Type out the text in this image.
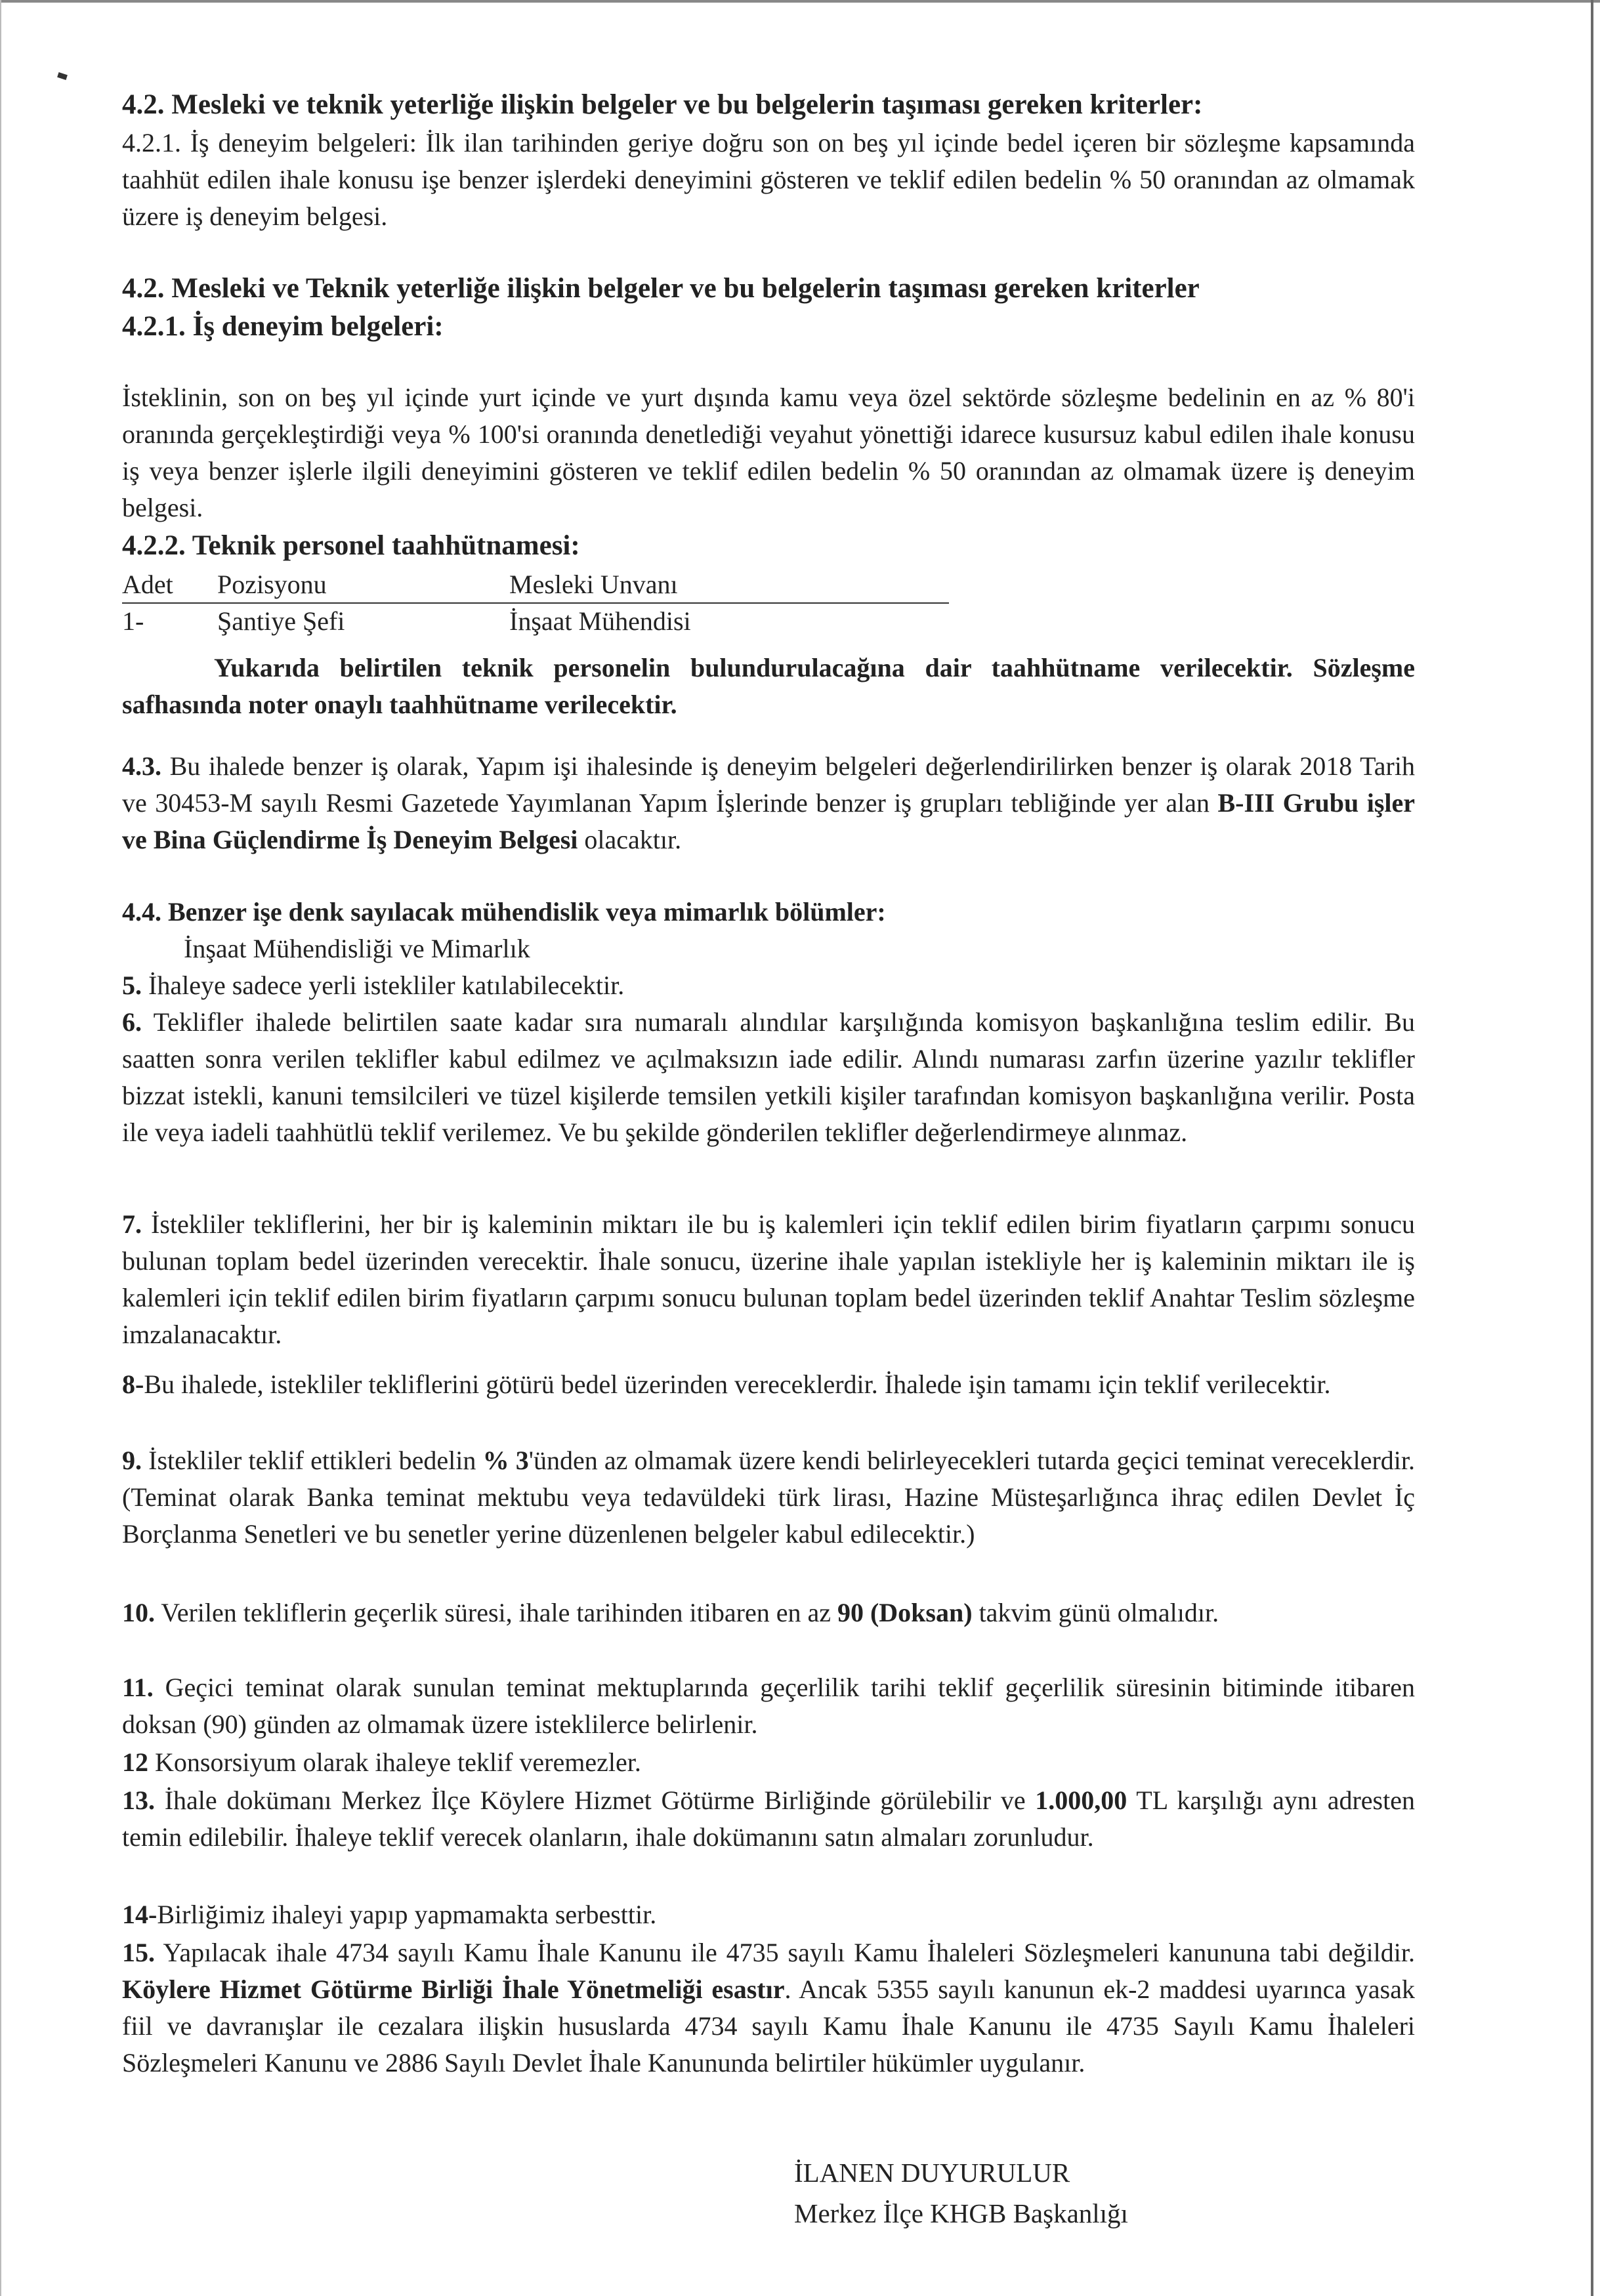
4.2. Mesleki ve teknik yeterliğe ilişkin belgeler ve bu belgelerin taşıması gereken kriterler:

4.2.1. İş deneyim belgeleri: İlk ilan tarihinden geriye doğru son on beş yıl içinde bedel içeren bir sözleşme kapsamında taahhüt edilen ihale konusu işe benzer işlerdeki deneyimini gösteren ve teklif edilen bedelin % 50 oranından az olmamak üzere iş deneyim belgesi.

4.2. Mesleki ve Teknik yeterliğe ilişkin belgeler ve bu belgelerin taşıması gereken kriterler

4.2.1. İş deneyim belgeleri:

İsteklinin, son on beş yıl içinde yurt içinde ve yurt dışında kamu veya özel sektörde sözleşme bedelinin en az % 80'i oranında gerçekleştirdiği veya % 100'si oranında denetlediği veyahut yönettiği idarece kusursuz kabul edilen ihale konusu iş veya benzer işlerle ilgili deneyimini gösteren ve teklif edilen bedelin % 50 oranından az olmamak üzere iş deneyim belgesi.

4.2.2. Teknik personel taahhütnamesi:

Adet	Pozisyonu	Mesleki Unvanı
1-	Şantiye Şefi	İnşaat Mühendisi

Yukarıda belirtilen teknik personelin bulundurulacağına dair taahhütname verilecektir. Sözleşme safhasında noter onaylı taahhütname verilecektir.

4.3. Bu ihalede benzer iş olarak, Yapım işi ihalesinde iş deneyim belgeleri değerlendirilirken benzer iş olarak 2018 Tarih ve 30453-M sayılı Resmi Gazetede Yayımlanan Yapım İşlerinde benzer iş grupları tebliğinde yer alan B-III Grubu işler ve Bina Güçlendirme İş Deneyim Belgesi olacaktır.

4.4. Benzer işe denk sayılacak mühendislik veya mimarlık bölümler:

İnşaat Mühendisliği ve Mimarlık

5. İhaleye sadece yerli istekliler katılabilecektir.

6. Teklifler ihalede belirtilen saate kadar sıra numaralı alındılar karşılığında komisyon başkanlığına teslim edilir. Bu saatten sonra verilen teklifler kabul edilmez ve açılmaksızın iade edilir. Alındı numarası zarfın üzerine yazılır teklifler bizzat istekli, kanuni temsilcileri ve tüzel kişilerde temsilen yetkili kişiler tarafından komisyon başkanlığına verilir. Posta ile veya iadeli taahhütlü teklif verilemez. Ve bu şekilde gönderilen teklifler değerlendirmeye alınmaz.

7. İstekliler tekliflerini, her bir iş kaleminin miktarı ile bu iş kalemleri için teklif edilen birim fiyatların çarpımı sonucu bulunan toplam bedel üzerinden verecektir. İhale sonucu, üzerine ihale yapılan istekliyle her iş kaleminin miktarı ile iş kalemleri için teklif edilen birim fiyatların çarpımı sonucu bulunan toplam bedel üzerinden teklif Anahtar Teslim sözleşme imzalanacaktır.

8-Bu ihalede, istekliler tekliflerini götürü bedel üzerinden vereceklerdir. İhalede işin tamamı için teklif verilecektir.

9. İstekliler teklif ettikleri bedelin % 3'ünden az olmamak üzere kendi belirleyecekleri tutarda geçici teminat vereceklerdir.(Teminat olarak Banka teminat mektubu veya tedavüldeki türk lirası, Hazine Müsteşarlığınca ihraç edilen Devlet İç Borçlanma Senetleri ve bu senetler yerine düzenlenen belgeler kabul edilecektir.)

10. Verilen tekliflerin geçerlik süresi, ihale tarihinden itibaren en az 90 (Doksan) takvim günü olmalıdır.

11. Geçici teminat olarak sunulan teminat mektuplarında geçerlilik tarihi teklif geçerlilik süresinin bitiminde itibaren doksan (90) günden az olmamak üzere isteklilerce belirlenir.

12 Konsorsiyum olarak ihaleye teklif veremezler.

13. İhale dokümanı Merkez İlçe Köylere Hizmet Götürme Birliğinde görülebilir ve 1.000,00 TL karşılığı aynı adresten temin edilebilir. İhaleye teklif verecek olanların, ihale dokümanını satın almaları zorunludur.

14-Birliğimiz ihaleyi yapıp yapmamakta serbesttir.

15. Yapılacak ihale 4734 sayılı Kamu İhale Kanunu ile 4735 sayılı Kamu İhaleleri Sözleşmeleri kanununa tabi değildir. Köylere Hizmet Götürme Birliği İhale Yönetmeliği esastır. Ancak 5355 sayılı kanunun ek-2 maddesi uyarınca yasak fiil ve davranışlar ile cezalara ilişkin hususlarda 4734 sayılı Kamu İhale Kanunu ile 4735 Sayılı Kamu İhaleleri Sözleşmeleri Kanunu ve 2886 Sayılı Devlet İhale Kanununda belirtiler hükümler uygulanır.

İLANEN DUYURULUR
Merkez İlçe KHGB Başkanlığı
